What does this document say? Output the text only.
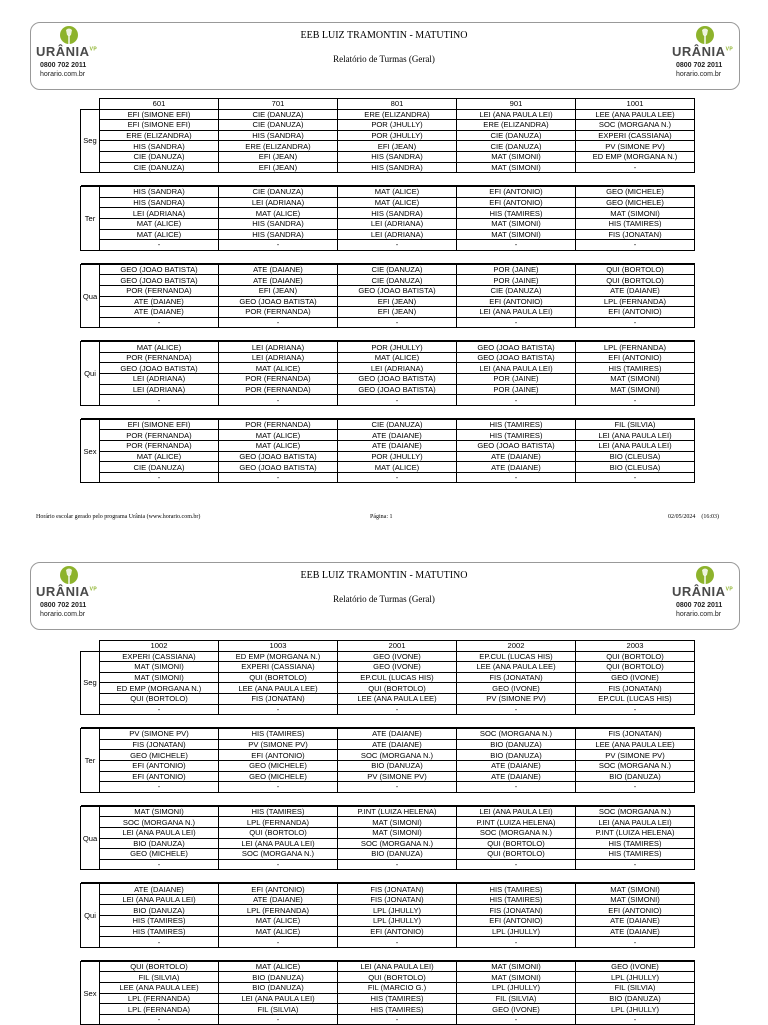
$URÂNIA^{VP}$
0800 702 2011
horario.com.br
$URÂNIA^{VP}$
0800 702 2011
horario.com.br
EEB LUIZ TRAMONTIN - MATUTINO
Relatório de Turmas (Geral)
	601	701	801	901	1001
Seg	EFI (SIMONE EFI)	CIE (DANUZA)	ERE (ELIZANDRA)	LEI (ANA PAULA LEI)	LEE (ANA PAULA LEE)
	EFI (SIMONE EFI)	CIE (DANUZA)	POR (JHULLY)	ERE (ELIZANDRA)	SOC (MORGANA N.)
	ERE (ELIZANDRA)	HIS (SANDRA)	POR (JHULLY)	CIE (DANUZA)	EXPERI (CASSIANA)
	HIS (SANDRA)	ERE (ELIZANDRA)	EFI (JEAN)	CIE (DANUZA)	PV (SIMONE PV)
	CIE (DANUZA)	EFI (JEAN)	HIS (SANDRA)	MAT (SIMONI)	ED EMP (MORGANA N.)
	CIE (DANUZA)	EFI (JEAN)	HIS (SANDRA)	MAT (SIMONI)	-

Ter	HIS (SANDRA)	CIE (DANUZA)	MAT (ALICE)	EFI (ANTONIO)	GEO (MICHELE)
	HIS (SANDRA)	LEI (ADRIANA)	MAT (ALICE)	EFI (ANTONIO)	GEO (MICHELE)
	LEI (ADRIANA)	MAT (ALICE)	HIS (SANDRA)	HIS (TAMIRES)	MAT (SIMONI)
	MAT (ALICE)	HIS (SANDRA)	LEI (ADRIANA)	MAT (SIMONI)	HIS (TAMIRES)
	MAT (ALICE)	HIS (SANDRA)	LEI (ADRIANA)	MAT (SIMONI)	FIS (JONATAN)
	-	-	-	-	-

Qua	GEO (JOAO BATISTA)	ATE (DAIANE)	CIE (DANUZA)	POR (JAINE)	QUI (BORTOLO)
	GEO (JOAO BATISTA)	ATE (DAIANE)	CIE (DANUZA)	POR (JAINE)	QUI (BORTOLO)
	POR (FERNANDA)	EFI (JEAN)	GEO (JOAO BATISTA)	CIE (DANUZA)	ATE (DAIANE)
	ATE (DAIANE)	GEO (JOAO BATISTA)	EFI (JEAN)	EFI (ANTONIO)	LPL (FERNANDA)
	ATE (DAIANE)	POR (FERNANDA)	EFI (JEAN)	LEI (ANA PAULA LEI)	EFI (ANTONIO)
	-	-	-	-	-

Qui	MAT (ALICE)	LEI (ADRIANA)	POR (JHULLY)	GEO (JOAO BATISTA)	LPL (FERNANDA)
	POR (FERNANDA)	LEI (ADRIANA)	MAT (ALICE)	GEO (JOAO BATISTA)	EFI (ANTONIO)
	GEO (JOAO BATISTA)	MAT (ALICE)	LEI (ADRIANA)	LEI (ANA PAULA LEI)	HIS (TAMIRES)
	LEI (ADRIANA)	POR (FERNANDA)	GEO (JOAO BATISTA)	POR (JAINE)	MAT (SIMONI)
	LEI (ADRIANA)	POR (FERNANDA)	GEO (JOAO BATISTA)	POR (JAINE)	MAT (SIMONI)
	-	-	-	-	-

Sex	EFI (SIMONE EFI)	POR (FERNANDA)	CIE (DANUZA)	HIS (TAMIRES)	FIL (SILVIA)
	POR (FERNANDA)	MAT (ALICE)	ATE (DAIANE)	HIS (TAMIRES)	LEI (ANA PAULA LEI)
	POR (FERNANDA)	MAT (ALICE)	ATE (DAIANE)	GEO (JOAO BATISTA)	LEI (ANA PAULA LEI)
	MAT (ALICE)	GEO (JOAO BATISTA)	POR (JHULLY)	ATE (DAIANE)	BIO (CLEUSA)
	CIE (DANUZA)	GEO (JOAO BATISTA)	MAT (ALICE)	ATE (DAIANE)	BIO (CLEUSA)
	-	-	-	-	-
Horário escolar gerado pelo programa Urânia (www.horario.com.br)	Página: 1	02/05/2024 (16:03)
$URÂNIA^{VP}$
0800 702 2011
horario.com.br
$URÂNIA^{VP}$
0800 702 2011
horario.com.br
EEB LUIZ TRAMONTIN - MATUTINO
Relatório de Turmas (Geral)
	1002	1003	2001	2002	2003
Seg	EXPERI (CASSIANA)	ED EMP (MORGANA N.)	GEO (IVONE)	EP.CUL (LUCAS HIS)	QUI (BORTOLO)
	MAT (SIMONI)	EXPERI (CASSIANA)	GEO (IVONE)	LEE (ANA PAULA LEE)	QUI (BORTOLO)
	MAT (SIMONI)	QUI (BORTOLO)	EP.CUL (LUCAS HIS)	FIS (JONATAN)	GEO (IVONE)
	ED EMP (MORGANA N.)	LEE (ANA PAULA LEE)	QUI (BORTOLO)	GEO (IVONE)	FIS (JONATAN)
	QUI (BORTOLO)	FIS (JONATAN)	LEE (ANA PAULA LEE)	PV (SIMONE PV)	EP.CUL (LUCAS HIS)
	-	-	-	-	-

Ter	PV (SIMONE PV)	HIS (TAMIRES)	ATE (DAIANE)	SOC (MORGANA N.)	FIS (JONATAN)
	FIS (JONATAN)	PV (SIMONE PV)	ATE (DAIANE)	BIO (DANUZA)	LEE (ANA PAULA LEE)
	GEO (MICHELE)	EFI (ANTONIO)	SOC (MORGANA N.)	BIO (DANUZA)	PV (SIMONE PV)
	EFI (ANTONIO)	GEO (MICHELE)	BIO (DANUZA)	ATE (DAIANE)	SOC (MORGANA N.)
	EFI (ANTONIO)	GEO (MICHELE)	PV (SIMONE PV)	ATE (DAIANE)	BIO (DANUZA)
	-	-	-	-	-

Qua	MAT (SIMONI)	HIS (TAMIRES)	P.INT (LUIZA HELENA)	LEI (ANA PAULA LEI)	SOC (MORGANA N.)
	SOC (MORGANA N.)	LPL (FERNANDA)	MAT (SIMONI)	P.INT (LUIZA HELENA)	LEI (ANA PAULA LEI)
	LEI (ANA PAULA LEI)	QUI (BORTOLO)	MAT (SIMONI)	SOC (MORGANA N.)	P.INT (LUIZA HELENA)
	BIO (DANUZA)	LEI (ANA PAULA LEI)	SOC (MORGANA N.)	QUI (BORTOLO)	HIS (TAMIRES)
	GEO (MICHELE)	SOC (MORGANA N.)	BIO (DANUZA)	QUI (BORTOLO)	HIS (TAMIRES)
	-	-	-	-	-

Qui	ATE (DAIANE)	EFI (ANTONIO)	FIS (JONATAN)	HIS (TAMIRES)	MAT (SIMONI)
	LEI (ANA PAULA LEI)	ATE (DAIANE)	FIS (JONATAN)	HIS (TAMIRES)	MAT (SIMONI)
	BIO (DANUZA)	LPL (FERNANDA)	LPL (JHULLY)	FIS (JONATAN)	EFI (ANTONIO)
	HIS (TAMIRES)	MAT (ALICE)	LPL (JHULLY)	EFI (ANTONIO)	ATE (DAIANE)
	HIS (TAMIRES)	MAT (ALICE)	EFI (ANTONIO)	LPL (JHULLY)	ATE (DAIANE)
	-	-	-	-	-

Sex	QUI (BORTOLO)	MAT (ALICE)	LEI (ANA PAULA LEI)	MAT (SIMONI)	GEO (IVONE)
	FIL (SILVIA)	BIO (DANUZA)	QUI (BORTOLO)	MAT (SIMONI)	LPL (JHULLY)
	LEE (ANA PAULA LEE)	BIO (DANUZA)	FIL (MARCIO G.)	LPL (JHULLY)	FIL (SILVIA)
	LPL (FERNANDA)	LEI (ANA PAULA LEI)	HIS (TAMIRES)	FIL (SILVIA)	BIO (DANUZA)
	LPL (FERNANDA)	FIL (SILVIA)	HIS (TAMIRES)	GEO (IVONE)	LPL (JHULLY)
	-	-	-	-	-
